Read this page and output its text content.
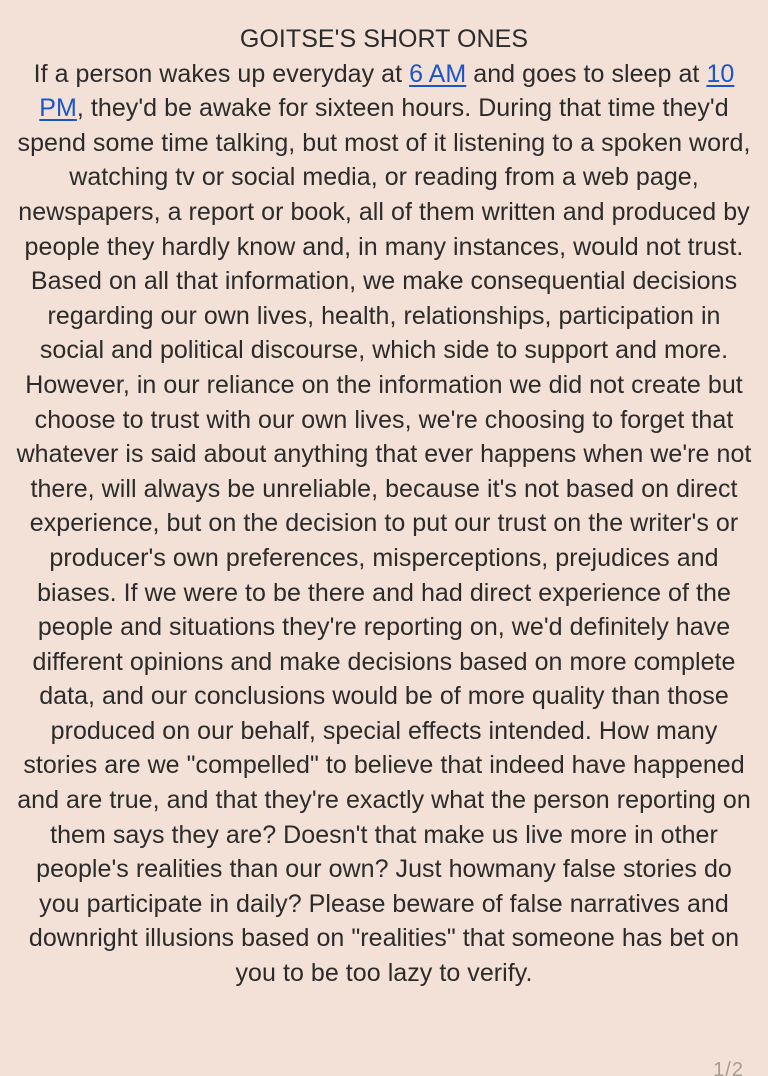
GOITSE'S SHORT ONES
If a person wakes up everyday at 6 AM and goes to sleep at 10 PM, they'd be awake for sixteen hours. During that time they'd spend some time talking, but most of it listening to a spoken word, watching tv or social media, or reading from a web page, newspapers, a report or book, all of them written and produced by people they hardly know and, in many instances, would not trust. Based on all that information, we make consequential decisions regarding our own lives, health, relationships, participation in social and political discourse, which side to support and more. However, in our reliance on the information we did not create but choose to trust with our own lives, we're choosing to forget that whatever is said about anything that ever happens when we're not there, will always be unreliable, because it's not based on direct experience, but on the decision to put our trust on the writer's or producer's own preferences, misperceptions, prejudices and biases. If we were to be there and had direct experience of the people and situations they're reporting on, we'd definitely have different opinions and make decisions based on more complete data, and our conclusions would be of more quality than those produced on our behalf, special effects intended. How many stories are we "compelled" to believe that indeed have happened and are true, and that they're exactly what the person reporting on them says they are? Doesn't that make us live more in other people's realities than our own? Just howmany false stories do you participate in daily? Please beware of false narratives and downright illusions based on "realities" that someone has bet on you to be too lazy to verify.
1/2
